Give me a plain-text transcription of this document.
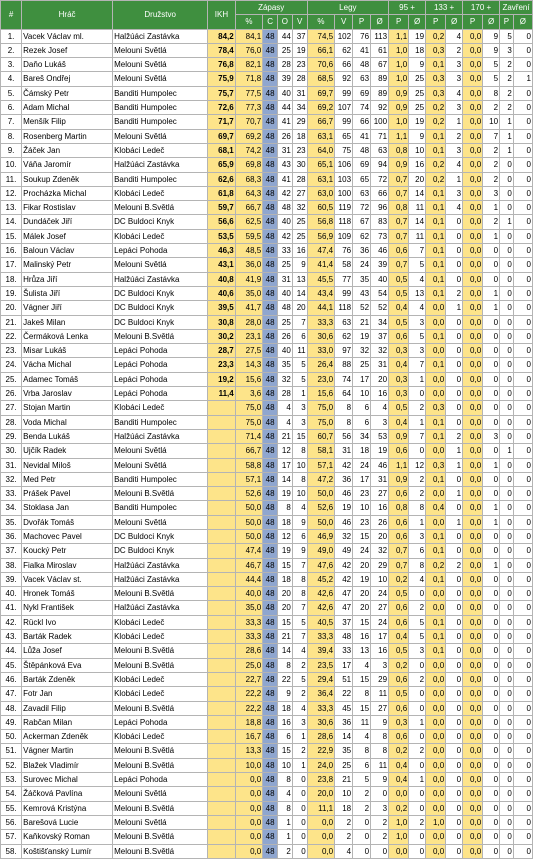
#	Hráč	Družstvo	IKH	Zápasy				Legy				95 +		133 +		170 +		Zavření	
				%	C	O	V	%	V	P	Ø	P	Ø	P	Ø	P	Ø	P	Ø
1.	Vacek Václav ml.	Halžúáci Zastávka	84,2	84,1	48	44	37	74,5	102	76	113	1,1	19	0,2	4	0,0	9	5	0
2.	Rezek Josef	Melouni Světlá	78,4	76,0	48	25	19	66,1	62	41	61	1,0	18	0,3	2	0,0	9	3	0
3.	Daňo Lukáš	Melouni Světlá	76,8	82,1	48	28	23	70,6	66	48	67	1,0	9	0,1	3	0,0	5	2	0
4.	Bareš Ondřej	Melouni Světlá	75,9	71,8	48	39	28	68,5	92	63	89	1,0	25	0,3	3	0,0	5	2	1
5.	Čámský Petr	Banditi Humpolec	75,7	77,5	48	40	31	69,7	99	69	89	0,9	25	0,3	4	0,0	8	2	0
6.	Adam Michal	Banditi Humpolec	72,6	77,3	48	44	34	69,2	107	74	92	0,9	25	0,2	3	0,0	2	2	0
7.	Menšík Filip	Banditi Humpolec	71,7	70,7	48	41	29	66,7	99	66	100	1,0	19	0,2	1	0,0	10	1	0
8.	Rosenberg Martin	Melouni Světlá	69,7	69,2	48	26	18	63,1	65	41	71	1,1	9	0,1	2	0,0	7	1	0
9.	Žáček Jan	Klobáci Ledeč	68,1	74,2	48	31	23	64,0	75	48	63	0,8	10	0,1	3	0,0	2	1	0
10.	Váňa Jaromír	Halžúáci Zastávka	65,9	69,8	48	43	30	65,1	106	69	94	0,9	16	0,2	4	0,0	2	0	0
11.	Soukup Zdeněk	Banditi Humpolec	62,6	68,3	48	41	28	63,1	103	65	72	0,7	20	0,2	1	0,0	2	0	0
12.	Procházka Michal	Klobáci Ledeč	61,8	64,3	48	42	27	63,0	100	63	66	0,7	14	0,1	3	0,0	3	0	0
13.	Fikar Rostislav	Melouni B.Světlá	59,7	66,7	48	48	32	60,5	119	72	96	0,8	11	0,1	4	0,0	1	0	0
14.	Dundáček Jiří	DC Buldoci Knyk	56,6	62,5	48	40	25	56,8	118	67	83	0,7	14	0,1	0	0,0	2	1	0
15.	Málek Josef	Klobáci Ledeč	53,5	59,5	48	42	25	56,9	109	62	73	0,7	11	0,1	0	0,0	1	0	0
16.	Baloun Václav	Lepáci Pohoda	46,3	48,5	48	33	16	47,4	76	36	46	0,6	7	0,1	0	0,0	0	0	0
17.	Malinský Petr	Melouni Světlá	43,1	36,0	48	25	9	41,4	58	24	39	0,7	5	0,1	0	0,0	0	0	0
18.	Hrůza Jiří	Halžúáci Zastávka	40,8	41,9	48	31	13	45,5	77	35	40	0,5	4	0,1	0	0,0	0	0	0
19.	Šulista Jiří	DC Buldoci Knyk	40,6	35,0	48	40	14	43,4	99	43	54	0,5	13	0,1	2	0,0	1	0	0
20.	Vágner Jiří	DC Buldoci Knyk	39,5	41,7	48	48	20	44,1	118	52	52	0,4	4	0,0	1	0,0	1	0	0
21.	Jakeš Milan	DC Buldoci Knyk	30,8	28,0	48	25	7	33,3	63	21	34	0,5	3	0,0	0	0,0	0	0	0
22.	Čermáková Lenka	Melouni B.Světlá	30,2	23,1	48	26	6	30,6	62	19	37	0,6	5	0,1	0	0,0	0	0	0
23.	Misar Lukáš	Lepáci Pohoda	28,7	27,5	48	40	11	33,0	97	32	32	0,3	3	0,0	0	0,0	0	0	0
24.	Vácha Michal	Lepáci Pohoda	23,3	14,3	48	35	5	26,4	88	25	31	0,4	7	0,1	0	0,0	0	0	0
25.	Adamec Tomáš	Lepáci Pohoda	19,2	15,6	48	32	5	23,0	74	17	20	0,3	1	0,0	0	0,0	0	0	0
26.	Vrba Jaroslav	Lepáci Pohoda	11,4	3,6	48	28	1	15,6	64	10	16	0,3	0	0,0	0	0,0	0	0	0
27.	Stojan Martin	Klobáci Ledeč		75,0	48	4	3	75,0	8	6	4	0,5	2	0,3	0	0,0	0	0	0
28.	Voda Michal	Banditi Humpolec		75,0	48	4	3	75,0	8	6	3	0,4	1	0,1	0	0,0	0	0	0
29.	Benda Lukáš	Halžúáci Zastávka		71,4	48	21	15	60,7	56	34	53	0,9	7	0,1	2	0,0	3	0	0
30.	Ujčík Radek	Melouni Světlá		66,7	48	12	8	58,1	31	18	19	0,6	0	0,0	1	0,0	0	1	0
31.	Nevidal Miloš	Melouni Světlá		58,8	48	17	10	57,1	42	24	46	1,1	12	0,3	1	0,0	1	0	0
32.	Med Petr	Banditi Humpolec		57,1	48	14	8	47,2	36	17	31	0,9	2	0,1	0	0,0	0	0	0
33.	Prášek Pavel	Melouni B.Světlá		52,6	48	19	10	50,0	46	23	27	0,6	2	0,0	1	0,0	0	0	0
34.	Stoklasa Jan	Banditi Humpolec		50,0	48	8	4	52,6	19	10	16	0,8	8	0,4	0	0,0	1	0	0
35.	Dvořák Tomáš	Melouni Světlá		50,0	48	18	9	50,0	46	23	26	0,6	1	0,0	1	0,0	1	0	0
36.	Machovec Pavel	DC Buldoci Knyk		50,0	48	12	6	46,9	32	15	20	0,6	3	0,1	0	0,0	0	0	0
37.	Koucký Petr	DC Buldoci Knyk		47,4	48	19	9	49,0	49	24	32	0,7	6	0,1	0	0,0	0	0	0
38.	Fialka Miroslav	Halžúáci Zastávka		46,7	48	15	7	47,6	42	20	29	0,7	8	0,2	2	0,0	1	0	0
39.	Vacek Václav st.	Halžúáci Zastávka		44,4	48	18	8	45,2	42	19	10	0,2	4	0,1	0	0,0	0	0	0
40.	Hronek Tomáš	Melouni B.Světlá		40,0	48	20	8	42,6	47	20	24	0,5	0	0,0	0	0,0	0	0	0
41.	Nykl František	Halžúáci Zastávka		35,0	48	20	7	42,6	47	20	27	0,6	2	0,0	0	0,0	0	0	0
42.	Rückl Ivo	Klobáci Ledeč		33,3	48	15	5	40,5	37	15	24	0,6	5	0,1	0	0,0	0	0	0
43.	Barták Radek	Klobáci Ledeč		33,3	48	21	7	33,3	48	16	17	0,4	5	0,1	0	0,0	0	0	0
44.	Lůža Josef	Melouni B.Světlá		28,6	48	14	4	39,4	33	13	16	0,5	3	0,1	0	0,0	0	0	0
45.	Štěpánková Eva	Melouni B.Světlá		25,0	48	8	2	23,5	17	4	3	0,2	0	0,0	0	0,0	0	0	0
46.	Barták Zdeněk	Klobáci Ledeč		22,7	48	22	5	29,4	51	15	29	0,6	2	0,0	0	0,0	0	0	0
47.	Fotr Jan	Klobáci Ledeč		22,2	48	9	2	36,4	22	8	11	0,5	0	0,0	0	0,0	0	0	0
48.	Zavadil Filip	Melouni B.Světlá		22,2	48	18	4	33,3	45	15	27	0,6	0	0,0	0	0,0	0	0	0
49.	Rabčan Milan	Lepáci Pohoda		18,8	48	16	3	30,6	36	11	9	0,3	1	0,0	0	0,0	0	0	0
50.	Ackerman Zdeněk	Klobáci Ledeč		16,7	48	6	1	28,6	14	4	8	0,6	0	0,0	0	0,0	0	0	0
51.	Vágner Martin	Melouni B.Světlá		13,3	48	15	2	22,9	35	8	8	0,2	2	0,0	0	0,0	0	0	0
52.	Blažek Vladimír	Melouni B.Světlá		10,0	48	10	1	24,0	25	6	11	0,4	0	0,0	0	0,0	0	0	0
53.	Surovec Michal	Lepáci Pohoda		0,0	48	8	0	23,8	21	5	9	0,4	1	0,0	0	0,0	0	0	0
54.	Žáčková Pavlína	Melouni Světlá		0,0	48	4	0	20,0	10	2	0	0,0	0	0,0	0	0,0	0	0	0
55.	Kemrová Kristýna	Melouni B.Světlá		0,0	48	8	0	11,1	18	2	3	0,2	0	0,0	0	0,0	0	0	0
56.	Barešová Lucie	Melouni Světlá		0,0	48	1	0	0,0	2	0	2	1,0	2	1,0	0	0,0	0	0	0
57.	Kaňkovský Roman	Melouni B.Světlá		0,0	48	1	0	0,0	2	0	2	1,0	0	0,0	0	0,0	0	0	0
58.	Koštišťanský Lumír	Melouni B.Světlá		0,0	48	2	0	0,0	4	0	0	0,0	0	0,0	0	0,0	0	0	0
